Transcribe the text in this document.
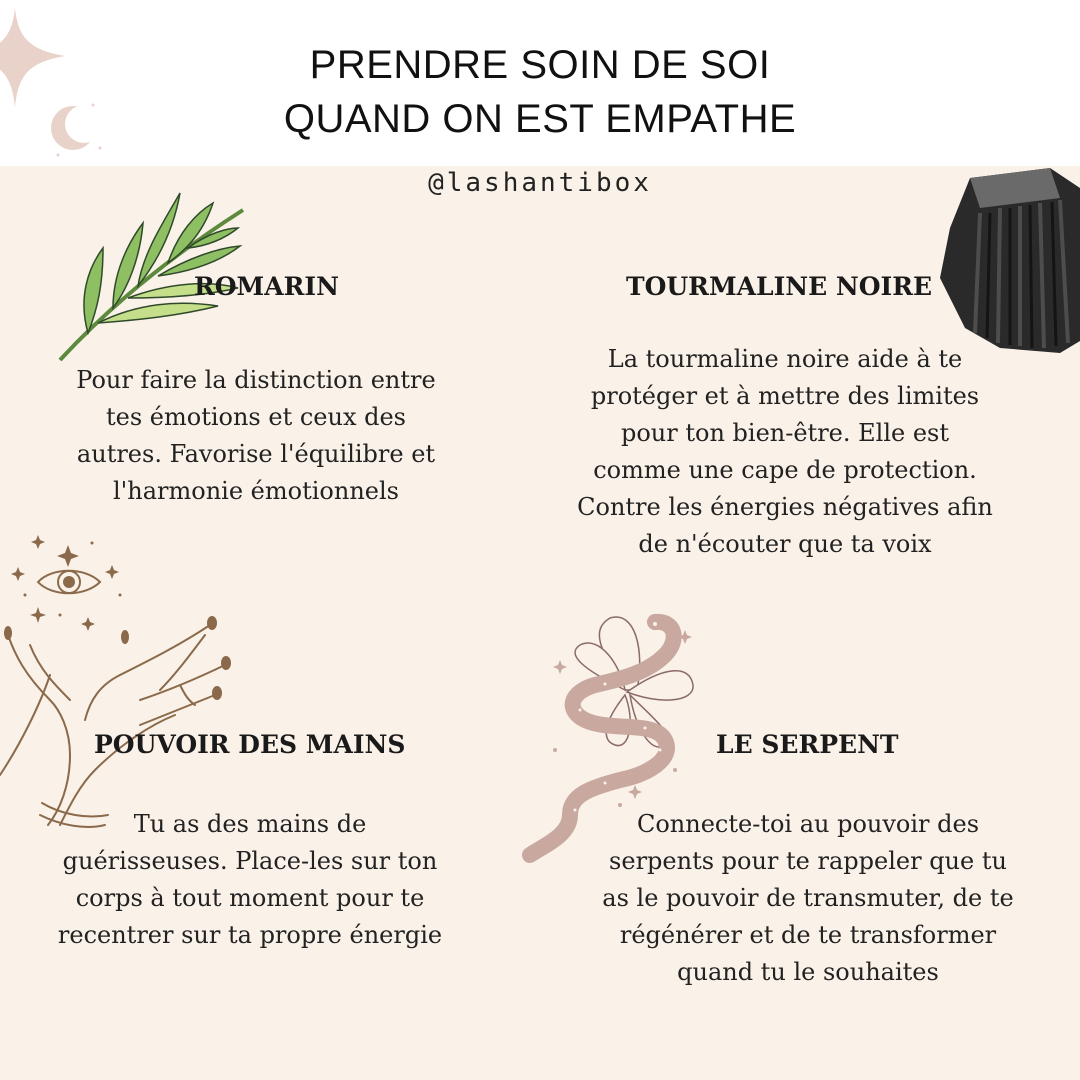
PRENDRE SOIN DE SOI
QUAND ON EST EMPATHE
@lashantibox
ROMARIN
Pour faire la distinction entre
tes émotions et ceux des
autres. Favorise l'équilibre et
l'harmonie émotionnels
TOURMALINE NOIRE
La tourmaline noire aide à te
protéger et à mettre des limites
pour ton bien-être. Elle est
comme une cape de protection.
Contre les énergies négatives afin
de n'écouter que ta voix
POUVOIR DES MAINS
Tu as des mains de
guérisseuses. Place-les sur ton
corps à tout moment pour te
recentrer sur ta propre énergie
LE SERPENT
Connecte-toi au pouvoir des
serpents pour te rappeler que tu
as le pouvoir de transmuter, de te
régénérer et de te transformer
quand tu le souhaites
